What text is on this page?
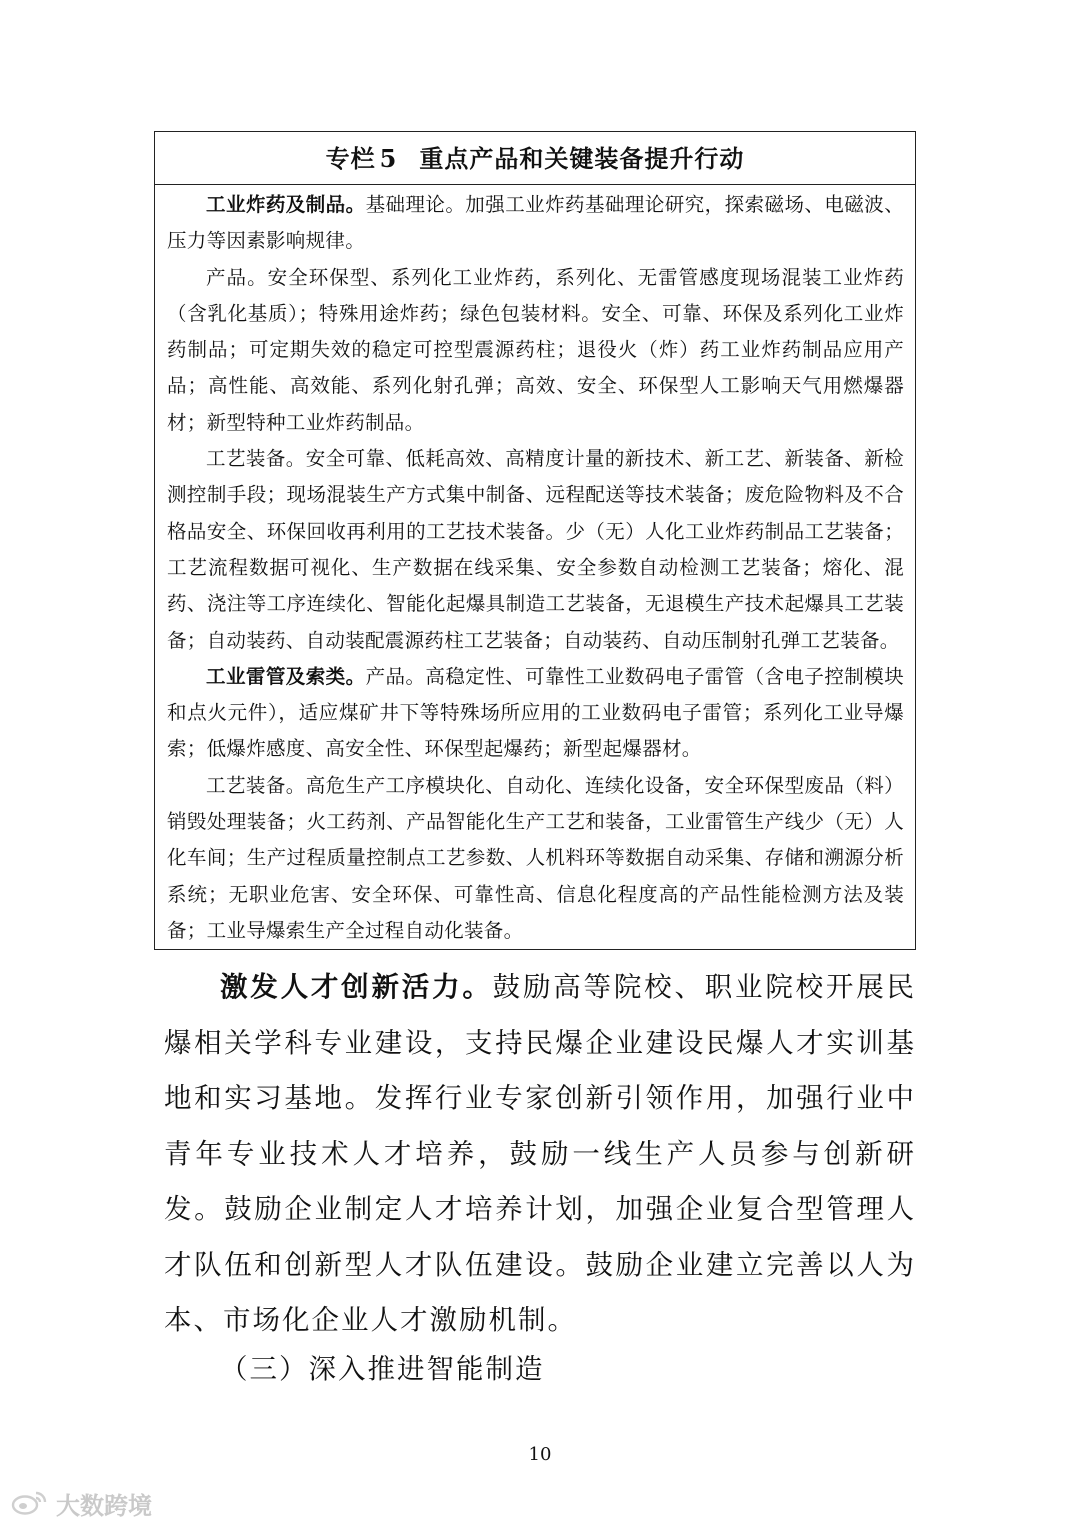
专栏 5 重点产品和关键装备提升行动

工业炸药及制品。基础理论。加强工业炸药基础理论研究，探索磁场、电磁波、压力等因素影响规律。

产品。安全环保型、系列化工业炸药，系列化、无雷管感度现场混装工业炸药（含乳化基质）；特殊用途炸药；绿色包装材料。安全、可靠、环保及系列化工业炸药制品；可定期失效的稳定可控型震源药柱；退役火（炸）药工业炸药制品应用产品；高性能、高效能、系列化射孔弹；高效、安全、环保型人工影响天气用燃爆器材；新型特种工业炸药制品。

工艺装备。安全可靠、低耗高效、高精度计量的新技术、新工艺、新装备、新检测控制手段；现场混装生产方式集中制备、远程配送等技术装备；废危险物料及不合格品安全、环保回收再利用的工艺技术装备。少（无）人化工业炸药制品工艺装备；工艺流程数据可视化、生产数据在线采集、安全参数自动检测工艺装备；熔化、混药、浇注等工序连续化、智能化起爆具制造工艺装备，无退模生产技术起爆具工艺装备；自动装药、自动装配震源药柱工艺装备；自动装药、自动压制射孔弹工艺装备。

工业雷管及索类。产品。高稳定性、可靠性工业数码电子雷管（含电子控制模块和点火元件），适应煤矿井下等特殊场所应用的工业数码电子雷管；系列化工业导爆索；低爆炸感度、高安全性、环保型起爆药；新型起爆器材。

工艺装备。高危生产工序模块化、自动化、连续化设备，安全环保型废品（料）销毁处理装备；火工药剂、产品智能化生产工艺和装备，工业雷管生产线少（无）人化车间；生产过程质量控制点工艺参数、人机料环等数据自动采集、存储和溯源分析系统；无职业危害、安全环保、可靠性高、信息化程度高的产品性能检测方法及装备；工业导爆索生产全过程自动化装备。

激发人才创新活力。鼓励高等院校、职业院校开展民爆相关学科专业建设，支持民爆企业建设民爆人才实训基地和实习基地。发挥行业专家创新引领作用，加强行业中青年专业技术人才培养，鼓励一线生产人员参与创新研发。鼓励企业制定人才培养计划，加强企业复合型管理人才队伍和创新型人才队伍建设。鼓励企业建立完善以人为本、市场化企业人才激励机制。

（三）深入推进智能制造

10
大数跨境
